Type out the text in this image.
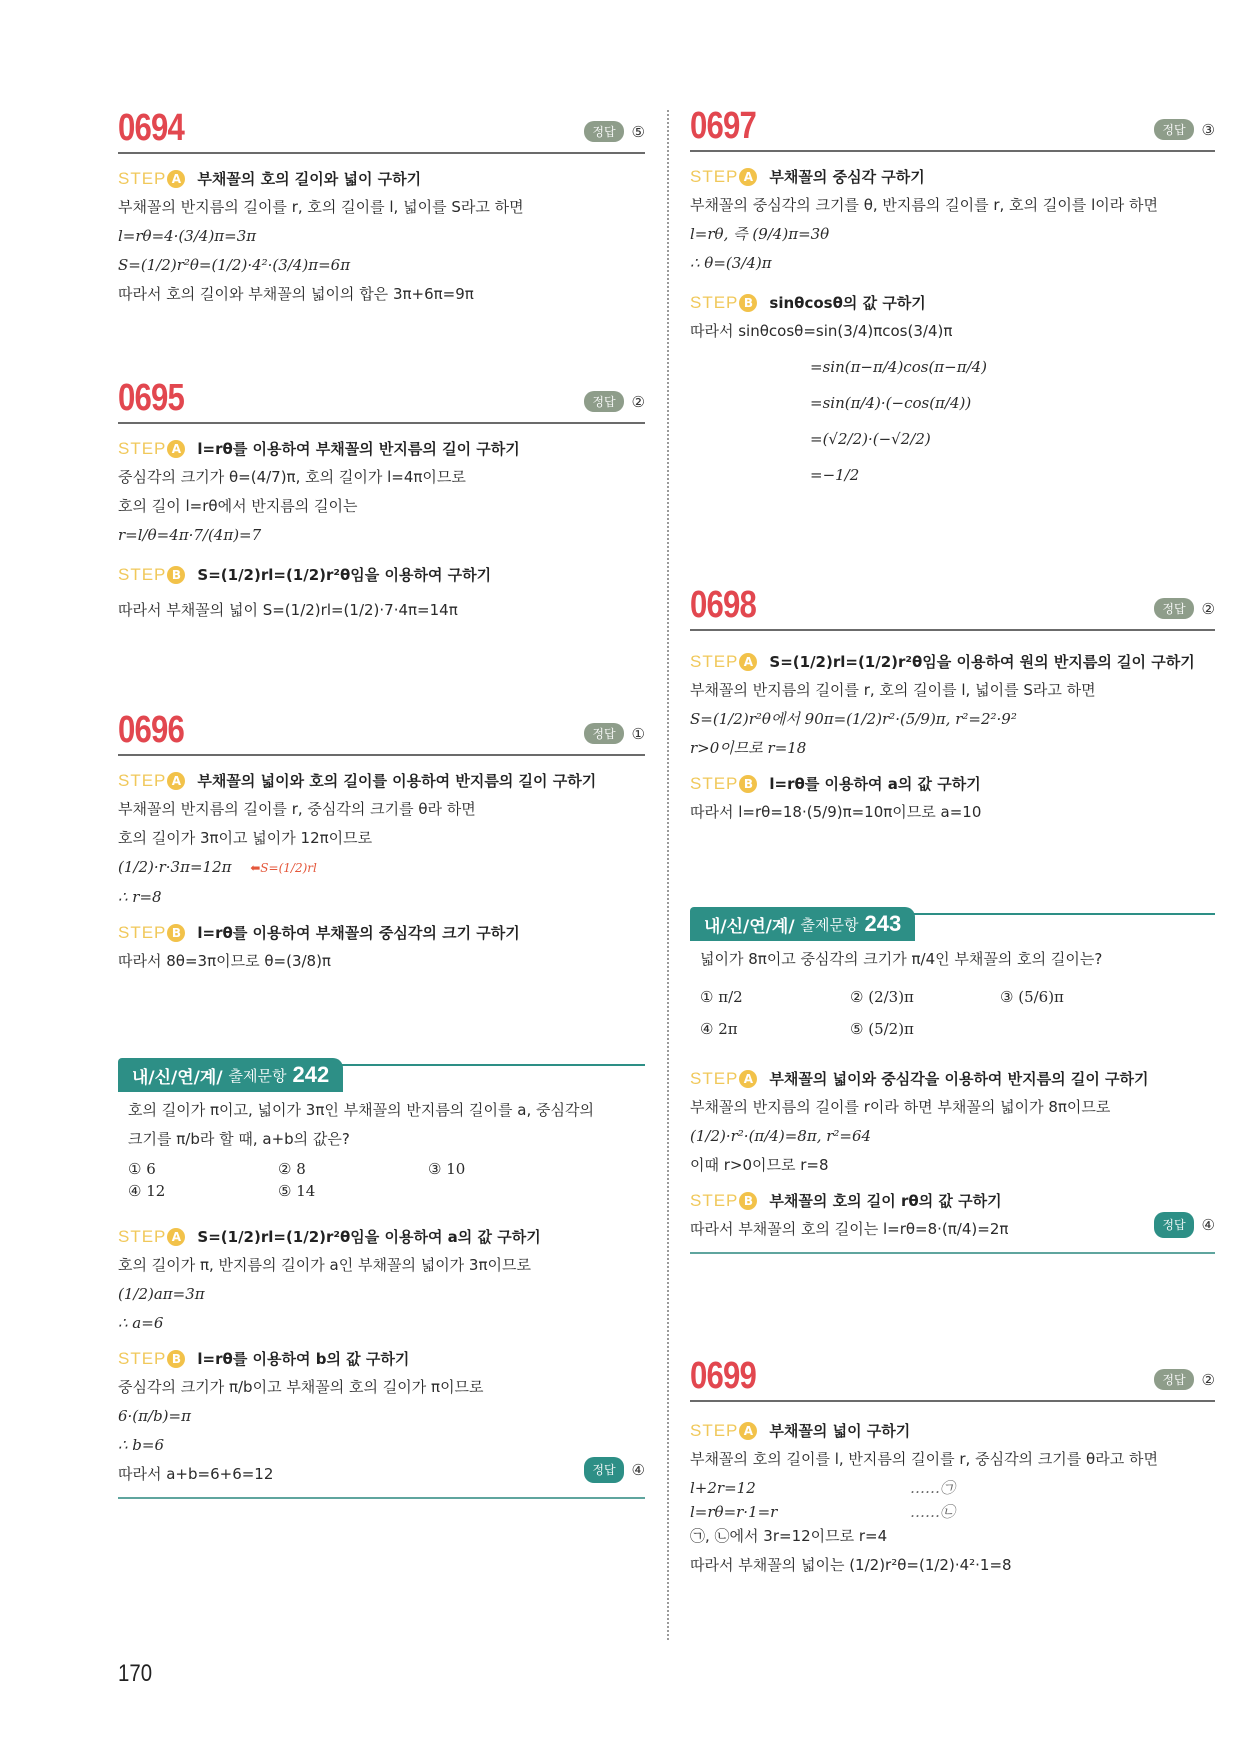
0694	정답	⑤
STEP A 부채꼴의 호의 길이와 넓이 구하기
부채꼴의 반지름의 길이를 r, 호의 길이를 l, 넓이를 S라고 하면
l=rθ=4·(3/4)π=3π
S=(1/2)r²θ=(1/2)·4²·(3/4)π=6π
따라서 호의 길이와 부채꼴의 넓이의 합은 3π+6π=9π
0695	정답	②
STEP A l=rθ를 이용하여 부채꼴의 반지름의 길이 구하기
중심각의 크기가 θ=(4/7)π, 호의 길이가 l=4π이므로
호의 길이 l=rθ에서 반지름의 길이는
r=l/θ=4π·7/(4π)=7
STEP B S=(1/2)rl=(1/2)r²θ임을 이용하여 구하기
따라서 부채꼴의 넓이 S=(1/2)rl=(1/2)·7·4π=14π
0696	정답	①
STEP A 부채꼴의 넓이와 호의 길이를 이용하여 반지름의 길이 구하기
부채꼴의 반지름의 길이를 r, 중심각의 크기를 θ라 하면
호의 길이가 3π이고 넓이가 12π이므로
(1/2)·r·3π=12π ⬅S=(1/2)rl
∴ r=8
STEP B l=rθ를 이용하여 부채꼴의 중심각의 크기 구하기
따라서 8θ=3π이므로 θ=(3/8)π
내/신/연/계/ 출제문항 242
호의 길이가 π이고, 넓이가 3π인 부채꼴의 반지름의 길이를 a, 중심각의
크기를 π/b라 할 때, a+b의 값은?
① 6	② 8	③ 10
④ 12	⑤ 14
STEP A S=(1/2)rl=(1/2)r²θ임을 이용하여 a의 값 구하기
호의 길이가 π, 반지름의 길이가 a인 부채꼴의 넓이가 3π이므로
(1/2)aπ=3π
∴ a=6
STEP B l=rθ를 이용하여 b의 값 구하기
중심각의 크기가 π/b이고 부채꼴의 호의 길이가 π이므로
6·(π/b)=π
∴ b=6
따라서 a+b=6+6=12	정답	④
0697	정답	③
STEP A 부채꼴의 중심각 구하기
부채꼴의 중심각의 크기를 θ, 반지름의 길이를 r, 호의 길이를 l이라 하면
l=rθ, 즉 (9/4)π=3θ
∴ θ=(3/4)π
STEP B sinθcosθ의 값 구하기
따라서 sinθcosθ=sin(3/4)πcos(3/4)π
=sin(π−π/4)cos(π−π/4)
=sin(π/4)·(−cos(π/4))
=(√2/2)·(−√2/2)
=−1/2
0698	정답	②
STEP A S=(1/2)rl=(1/2)r²θ임을 이용하여 원의 반지름의 길이 구하기
부채꼴의 반지름의 길이를 r, 호의 길이를 l, 넓이를 S라고 하면
S=(1/2)r²θ에서 90π=(1/2)r²·(5/9)π, r²=2²·9²
r>0이므로 r=18
STEP B l=rθ를 이용하여 a의 값 구하기
따라서 l=rθ=18·(5/9)π=10π이므로 a=10
내/신/연/계/ 출제문항 243
넓이가 8π이고 중심각의 크기가 π/4인 부채꼴의 호의 길이는?
① π/2	② (2/3)π	③ (5/6)π
④ 2π	⑤ (5/2)π
STEP A 부채꼴의 넓이와 중심각을 이용하여 반지름의 길이 구하기
부채꼴의 반지름의 길이를 r이라 하면 부채꼴의 넓이가 8π이므로
(1/2)·r²·(π/4)=8π, r²=64
이때 r>0이므로 r=8
STEP B 부채꼴의 호의 길이 rθ의 값 구하기
따라서 부채꼴의 호의 길이는 l=rθ=8·(π/4)=2π	정답	④
0699	정답	②
STEP A 부채꼴의 넓이 구하기
부채꼴의 호의 길이를 l, 반지름의 길이를 r, 중심각의 크기를 θ라고 하면
l+2r=12	……㉠
l=rθ=r·1=r	……㉡
㉠, ㉡에서 3r=12이므로 r=4
따라서 부채꼴의 넓이는 (1/2)r²θ=(1/2)·4²·1=8
170
